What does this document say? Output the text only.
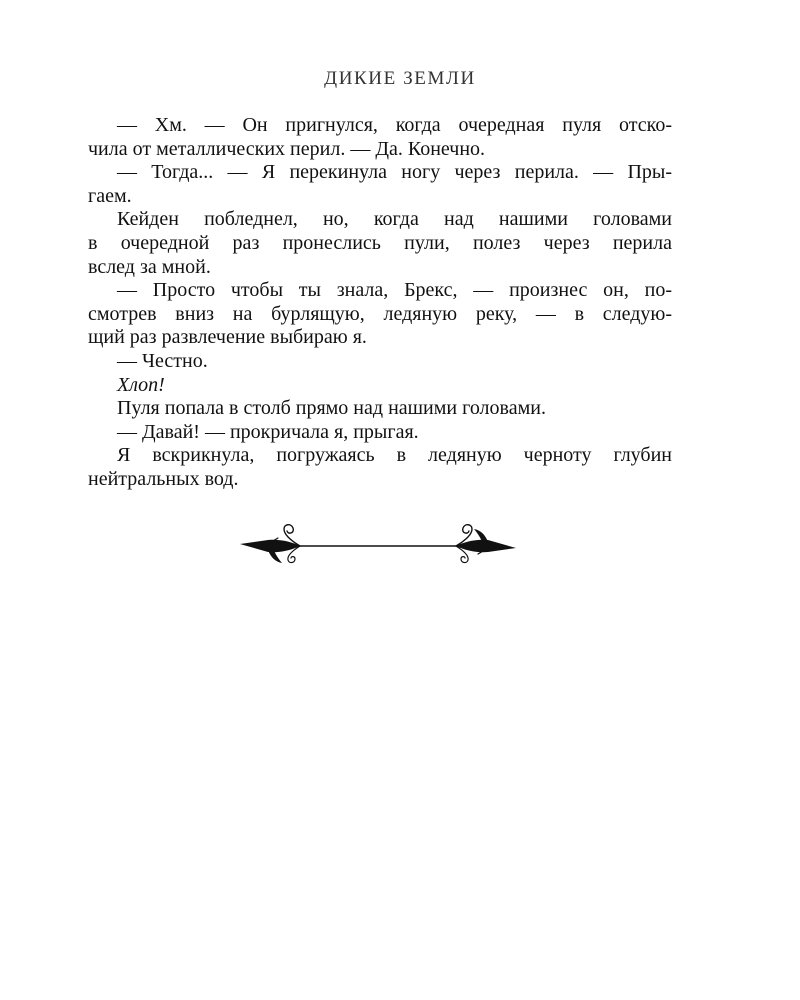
ДИКИЕ ЗЕМЛИ
— Хм. — Он пригнулся, когда очередная пуля отско-
чила от металлических перил. — Да. Конечно.
— Тогда... — Я перекинула ногу через перила. — Пры-
гаем.
Кейден побледнел, но, когда над нашими головами
в очередной раз пронеслись пули, полез через перила
вслед за мной.
— Просто чтобы ты знала, Брекс, — произнес он, по-
смотрев вниз на бурлящую, ледяную реку, — в следую-
щий раз развлечение выбираю я.
— Честно.
Хлоп!
Пуля попала в столб прямо над нашими головами.
— Давай! — прокричала я, прыгая.
Я вскрикнула, погружаясь в ледяную черноту глубин
нейтральных вод.
